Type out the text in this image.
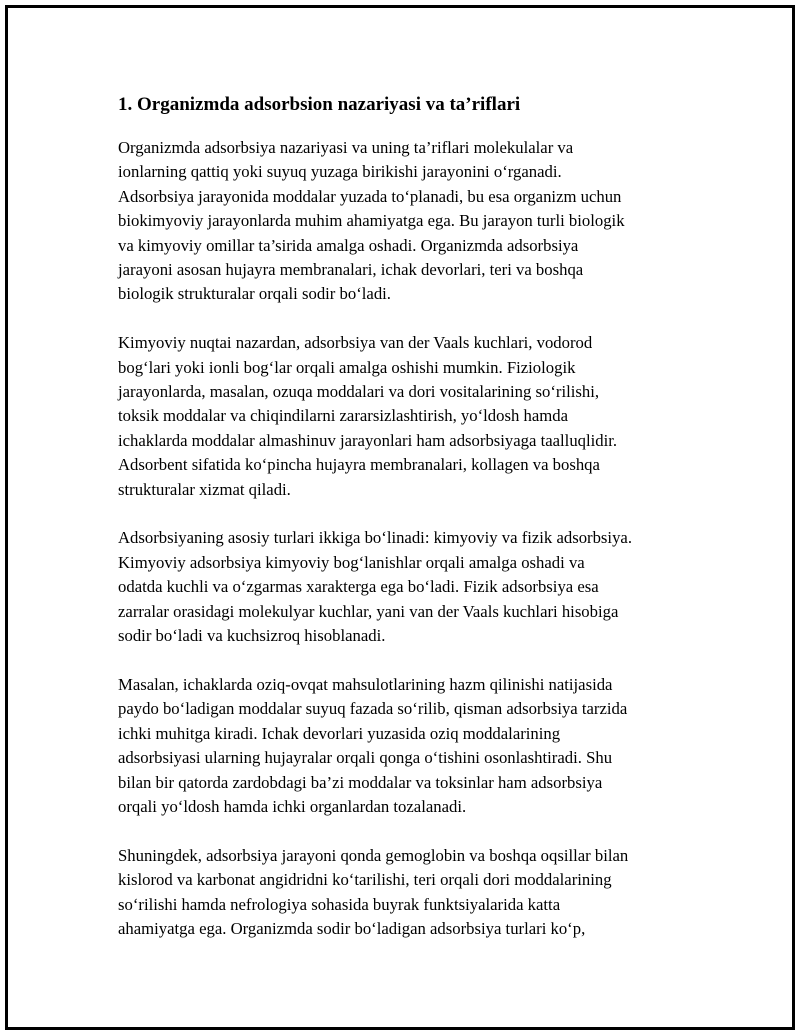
1. Organizmda adsorbsion nazariyasi va ta’riflari

Organizmda adsorbsiya nazariyasi va uning ta’riflari molekulalar va
ionlarning qattiq yoki suyuq yuzaga birikishi jarayonini o‘rganadi.
Adsorbsiya jarayonida moddalar yuzada to‘planadi, bu esa organizm uchun
biokimyoviy jarayonlarda muhim ahamiyatga ega. Bu jarayon turli biologik
va kimyoviy omillar ta’sirida amalga oshadi. Organizmda adsorbsiya
jarayoni asosan hujayra membranalari, ichak devorlari, teri va boshqa
biologik strukturalar orqali sodir bo‘ladi.

Kimyoviy nuqtai nazardan, adsorbsiya van der Vaals kuchlari, vodorod
bog‘lari yoki ionli bog‘lar orqali amalga oshishi mumkin. Fiziologik
jarayonlarda, masalan, ozuqa moddalari va dori vositalarining so‘rilishi,
toksik moddalar va chiqindilarni zararsizlashtirish, yo‘ldosh hamda
ichaklarda moddalar almashinuv jarayonlari ham adsorbsiyaga taalluqlidir.
Adsorbent sifatida ko‘pincha hujayra membranalari, kollagen va boshqa
strukturalar xizmat qiladi.

Adsorbsiyaning asosiy turlari ikkiga bo‘linadi: kimyoviy va fizik adsorbsiya.
Kimyoviy adsorbsiya kimyoviy bog‘lanishlar orqali amalga oshadi va
odatda kuchli va o‘zgarmas xarakterga ega bo‘ladi. Fizik adsorbsiya esa
zarralar orasidagi molekulyar kuchlar, yani van der Vaals kuchlari hisobiga
sodir bo‘ladi va kuchsizroq hisoblanadi.

Masalan, ichaklarda oziq-ovqat mahsulotlarining hazm qilinishi natijasida
paydo bo‘ladigan moddalar suyuq fazada so‘rilib, qisman adsorbsiya tarzida
ichki muhitga kiradi. Ichak devorlari yuzasida oziq moddalarining
adsorbsiyasi ularning hujayralar orqali qonga o‘tishini osonlashtiradi. Shu
bilan bir qatorda zardobdagi ba’zi moddalar va toksinlar ham adsorbsiya
orqali yo‘ldosh hamda ichki organlardan tozalanadi.

Shuningdek, adsorbsiya jarayoni qonda gemoglobin va boshqa oqsillar bilan
kislorod va karbonat angidridni ko‘tarilishi, teri orqali dori moddalarining
so‘rilishi hamda nefrologiya sohasida buyrak funktsiyalarida katta
ahamiyatga ega. Organizmda sodir bo‘ladigan adsorbsiya turlari ko‘p,
